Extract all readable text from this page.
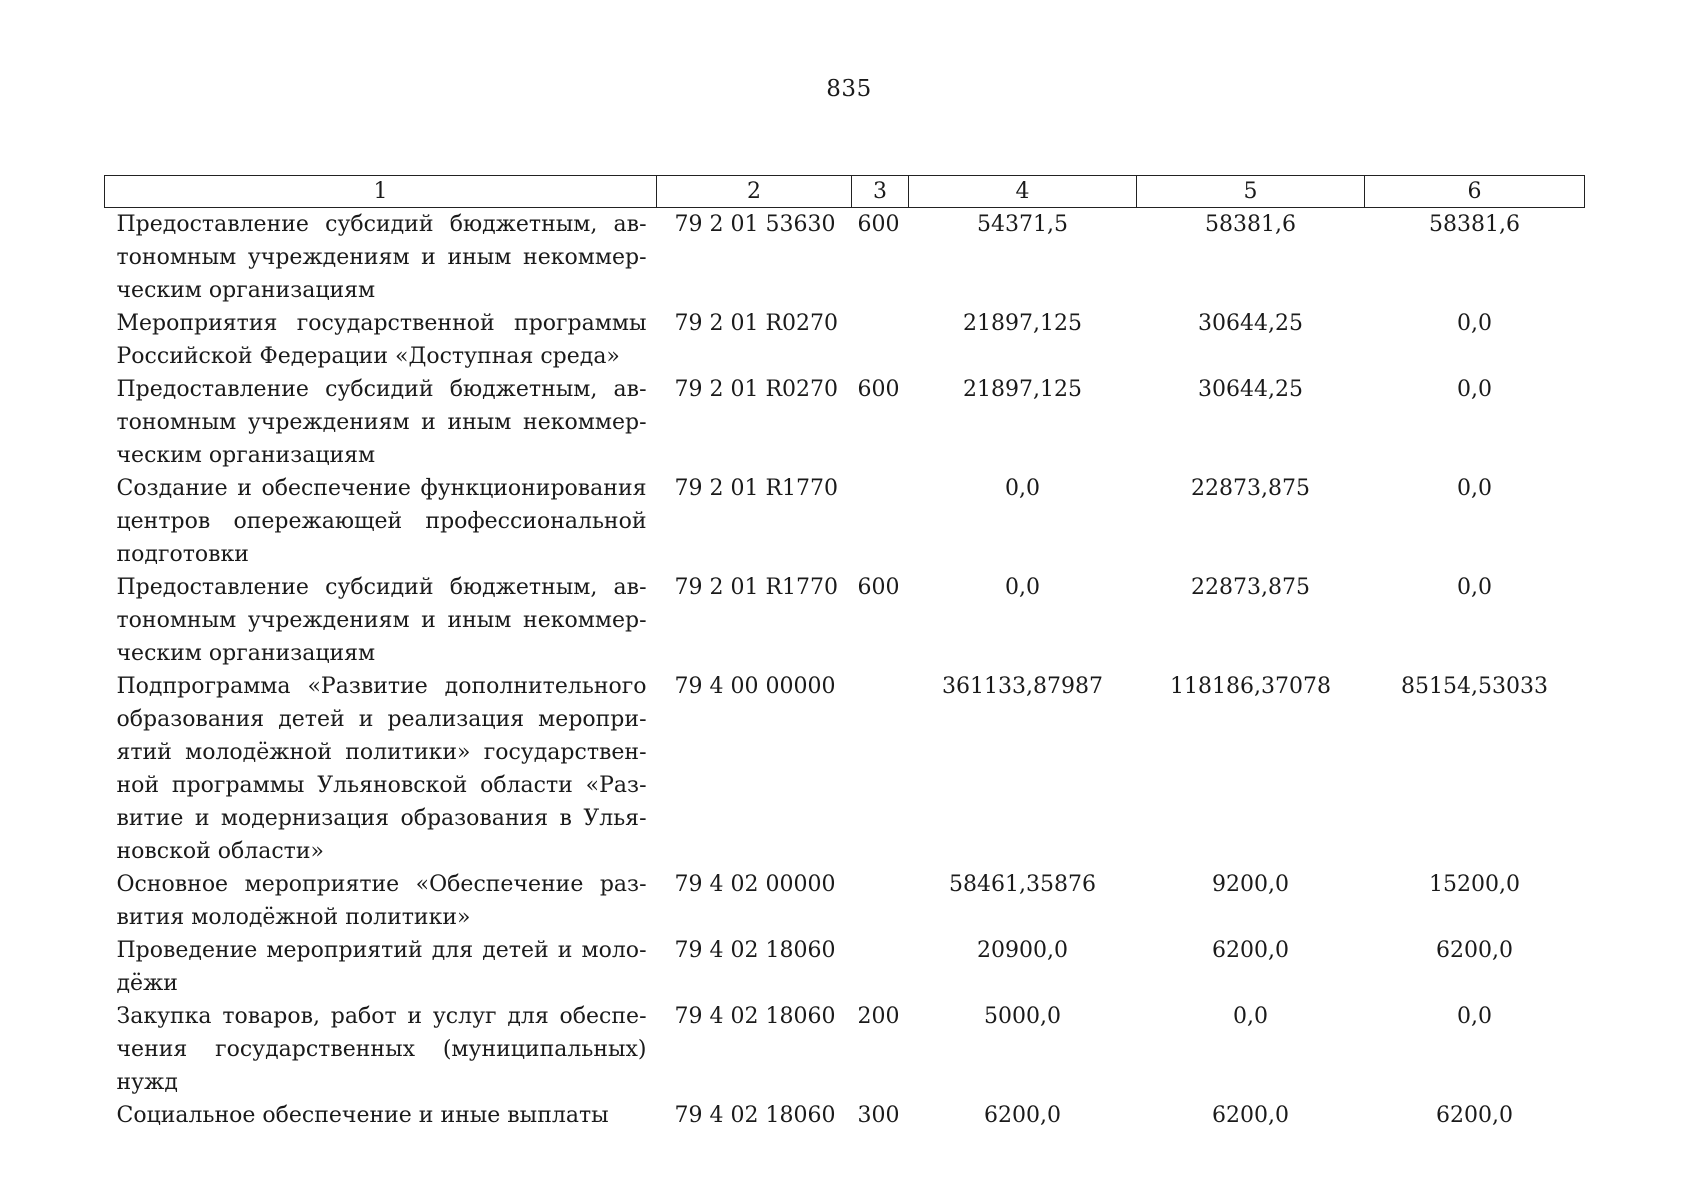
835
1	2	3	4	5	6
Предоставление субсидий бюджетным, автономным учреждениям и иным некоммерческим организациям	79 2 01 53630	600	54371,5	58381,6	58381,6
Мероприятия государственной программы Российской Федерации «Доступная среда»	79 2 01 R0270		21897,125	30644,25	0,0
Предоставление субсидий бюджетным, автономным учреждениям и иным некоммерческим организациям	79 2 01 R0270	600	21897,125	30644,25	0,0
Создание и обеспечение функционирования центров опережающей профессиональной подготовки	79 2 01 R1770		0,0	22873,875	0,0
Предоставление субсидий бюджетным, автономным учреждениям и иным некоммерческим организациям	79 2 01 R1770	600	0,0	22873,875	0,0
Подпрограмма «Развитие дополнительного образования детей и реализация мероприятий молодёжной политики» государственной программы Ульяновской области «Развитие и модернизация образования в Ульяновской области»	79 4 00 00000		361133,87987	118186,37078	85154,53033
Основное мероприятие «Обеспечение развития молодёжной политики»	79 4 02 00000		58461,35876	9200,0	15200,0
Проведение мероприятий для детей и молодёжи	79 4 02 18060		20900,0	6200,0	6200,0
Закупка товаров, работ и услуг для обеспечения государственных (муниципальных) нужд	79 4 02 18060	200	5000,0	0,0	0,0
Социальное обеспечение и иные выплаты	79 4 02 18060	300	6200,0	6200,0	6200,0
